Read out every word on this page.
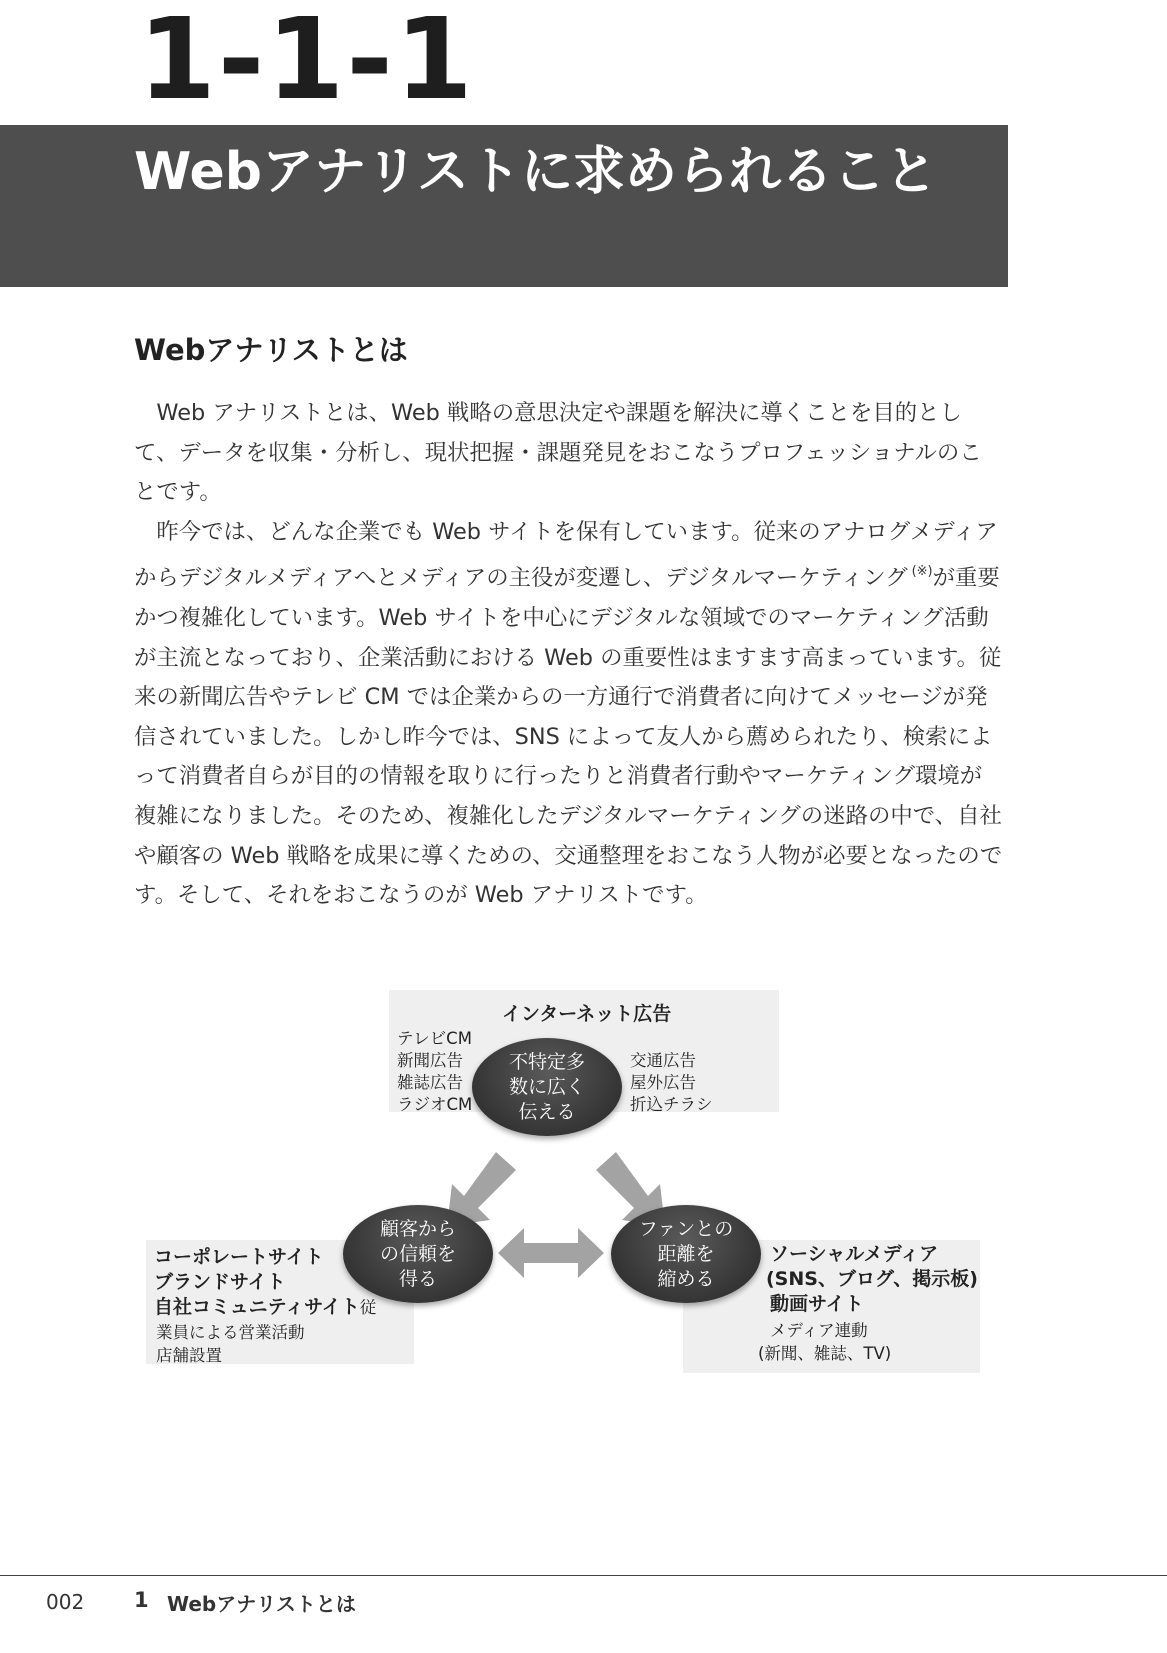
1-1-1
Webアナリストに求められること
Webアナリストとは

Web アナリストとは、Web 戦略の意思決定や課題を解決に導くことを目的として、データを収集・分析し、現状把握・課題発見をおこなうプロフェッショナルのことです。

昨今では、どんな企業でも Web サイトを保有しています。従来のアナログメディアからデジタルメディアへとメディアの主役が変遷し、デジタルマーケティング (※)が重要かつ複雑化しています。Web サイトを中心にデジタルな領域でのマーケティング活動が主流となっており、企業活動における Web の重要性はますます高まっています。従来の新聞広告やテレビ CM では企業からの一方通行で消費者に向けてメッセージが発信されていました。しかし昨今では、SNS によって友人から薦められたり、検索によって消費者自らが目的の情報を取りに行ったりと消費者行動やマーケティング環境が複雑になりました。そのため、複雑化したデジタルマーケティングの迷路の中で、自社や顧客の Web 戦略を成果に導くための、交通整理をおこなう人物が必要となったのです。そして、それをおこなうのが Web アナリストです。

インターネット広告
テレビCM
新聞広告
雑誌広告
ラジオCM
交通広告
屋外広告
折込チラシ
不特定多
数に広く
伝える
顧客から
の信頼を
得る
ファンとの
距離を
縮める
コーポレートサイト
ブランドサイト
自社コミュニティサイト従
業員による営業活動
店舗設置
ソーシャルメディア
(SNS、ブログ、掲示板)
動画サイト
メディア連動
(新聞、雑誌、TV)
002 1 Webアナリストとは
